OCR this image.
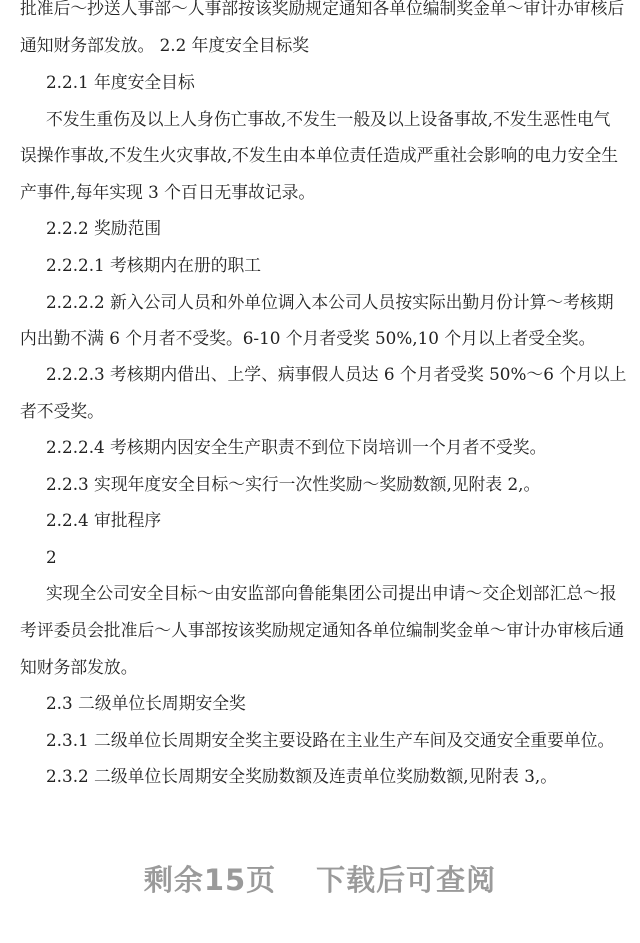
批准后～抄送人事部～人事部按该奖励规定通知各单位编制奖金单～审计办审核后
通知财务部发放。 2.2 年度安全目标奖
2.2.1 年度安全目标
不发生重伤及以上人身伤亡事故,不发生一般及以上设备事故,不发生恶性电气
误操作事故,不发生火灾事故,不发生由本单位责任造成严重社会影响的电力安全生
产事件,每年实现 3 个百日无事故记录。
2.2.2 奖励范围
2.2.2.1 考核期内在册的职工
2.2.2.2 新入公司人员和外单位调入本公司人员按实际出勤月份计算～考核期
内出勤不满 6 个月者不受奖。6-10 个月者受奖 50%,10 个月以上者受全奖。
2.2.2.3 考核期内借出、上学、病事假人员达 6 个月者受奖 50%～6 个月以上
者不受奖。
2.2.2.4 考核期内因安全生产职责不到位下岗培训一个月者不受奖。
2.2.3 实现年度安全目标～实行一次性奖励～奖励数额,见附表 2,。
2.2.4 审批程序
2
实现全公司安全目标～由安监部向鲁能集团公司提出申请～交企划部汇总～报
考评委员会批准后～人事部按该奖励规定通知各单位编制奖金单～审计办审核后通
知财务部发放。
2.3 二级单位长周期安全奖
2.3.1 二级单位长周期安全奖主要设路在主业生产车间及交通安全重要单位。
2.3.2 二级单位长周期安全奖励数额及连责单位奖励数额,见附表 3,。
剩余15页 下载后可查阅
